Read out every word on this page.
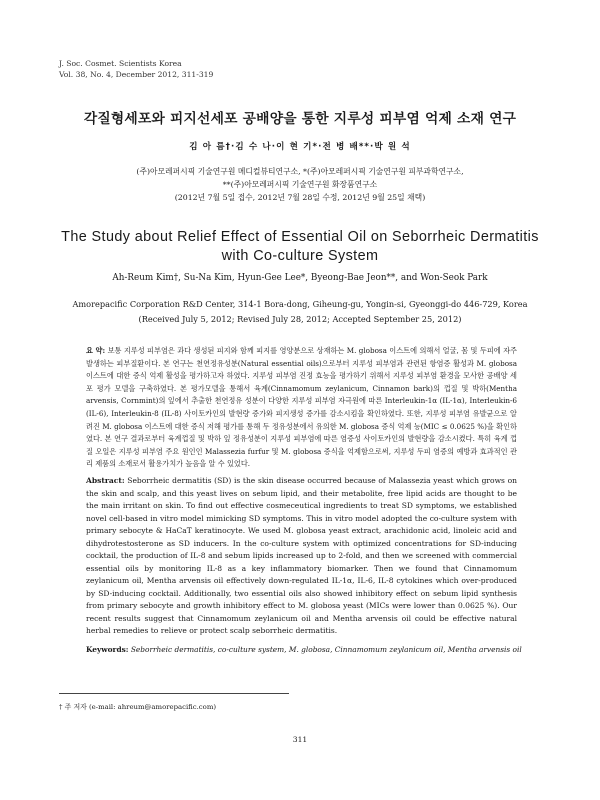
J. Soc. Cosmet. Scientists Korea
Vol. 38, No. 4, December 2012, 311-319
각질형세포와 피지선세포 공배양을 통한 지루성 피부염 억제 소재 연구
김 아 름†·김 수 나·이 현 기*·전 병 배**·박 원 석
(주)아모레퍼시픽 기술연구원 메디컬뷰티연구소, *(주)아모레퍼시픽 기술연구원 피부과학연구소,
**(주)아모레퍼시픽 기술연구원 화장품연구소
(2012년 7월 5일 접수, 2012년 7월 28일 수정, 2012년 9월 25일 채택)
The Study about Relief Effect of Essential Oil on Seborrheic Dermatitis
with Co-culture System
Ah-Reum Kim†, Su-Na Kim, Hyun-Gee Lee*, Byeong-Bae Jeon**, and Won-Seok Park
Amorepacific Corporation R&D Center, 314-1 Bora-dong, Giheung-gu, Yongin-si, Gyeonggi-do 446-729, Korea
(Received July 5, 2012; Revised July 28, 2012; Accepted September 25, 2012)

요 약: 보통 지루성 피부염은 과다 생성된 피지와 함께 피지를 영양분으로 상재하는 M. globosa 이스트에 의해서 얼굴, 몸 및 두피에 자주 발생하는 피부질환이다. 본 연구는 천연정유성분(Natural essential oils)으로부터 지루성 피부염과 관련된 항염증 활성과 M. globosa 이스트에 대한 증식 억제 활성을 평가하고자 하였다. 지루성 피부염 진정 효능을 평가하기 위해서 지루성 피부염 환경을 모사한 공배양 세포 평가 모델을 구축하였다. 본 평가모델을 통해서 육계(Cinnamomum zeylanicum, Cinnamon bark)의 껍질 및 박하(Mentha arvensis, Cornmint)의 잎에서 추출한 천연정유 성분이 다양한 지루성 피부염 자극원에 따른 Interleukin-1α (IL-1α), Interleukin-6 (IL-6), Interleukin-8 (IL-8) 사이토카인의 발현량 증가와 피지생성 증가를 감소시킴을 확인하였다. 또한, 지루성 피부염 유발균으로 알려진 M. globosa 이스트에 대한 증식 저해 평가를 통해 두 정유성분에서 유의한 M. globosa 증식 억제 능(MIC ≤ 0.0625 %)을 확인하였다. 본 연구 결과로부터 육계껍질 및 박하 잎 정유성분이 지루성 피부염에 따른 염증성 사이토카인의 발현량을 감소시켰다. 특히 육계 껍질 오일은 지루성 피부염 주요 원인인 Malassezia furfur 및 M. globosa 증식을 억제함으로써, 지루성 두피 염증의 예방과 효과적인 관리 제품의 소재로서 활용가치가 높음을 알 수 있었다.

Abstract: Seborrheic dermatitis (SD) is the skin disease occurred because of Malassezia yeast which grows on the skin and scalp, and this yeast lives on sebum lipid, and their metabolite, free lipid acids are thought to be the main irritant on skin. To find out effective cosmeceutical ingredients to treat SD symptoms, we established novel cell-based in vitro model mimicking SD symptoms. This in vitro model adopted the co-culture system with primary sebocyte & HaCaT keratinocyte. We used M. globosa yeast extract, arachidonic acid, linoleic acid and dihydrotestosterone as SD inducers. In the co-culture system with optimized concentrations for SD-inducing cocktail, the production of IL-8 and sebum lipids increased up to 2-fold, and then we screened with commercial essential oils by monitoring IL-8 as a key inflammatory biomarker. Then we found that Cinnamomum zeylanicum oil, Mentha arvensis oil effectively down-regulated IL-1α, IL-6, IL-8 cytokines which over-produced by SD-inducing cocktail. Additionally, two essential oils also showed inhibitory effect on sebum lipid synthesis from primary sebocyte and growth inhibitory effect to M. globosa yeast (MICs were lower than 0.0625 %). Our recent results suggest that Cinnamomum zeylanicum oil and Mentha arvensis oil could be effective natural herbal remedies to relieve or protect scalp seborrheic dermatitis.

Keywords: Seborrheic dermatitis, co-culture system, M. globosa, Cinnamomum zeylanicum oil, Mentha arvensis oil
† 주 저자 (e-mail: ahreum@amorepacific.com)
311
